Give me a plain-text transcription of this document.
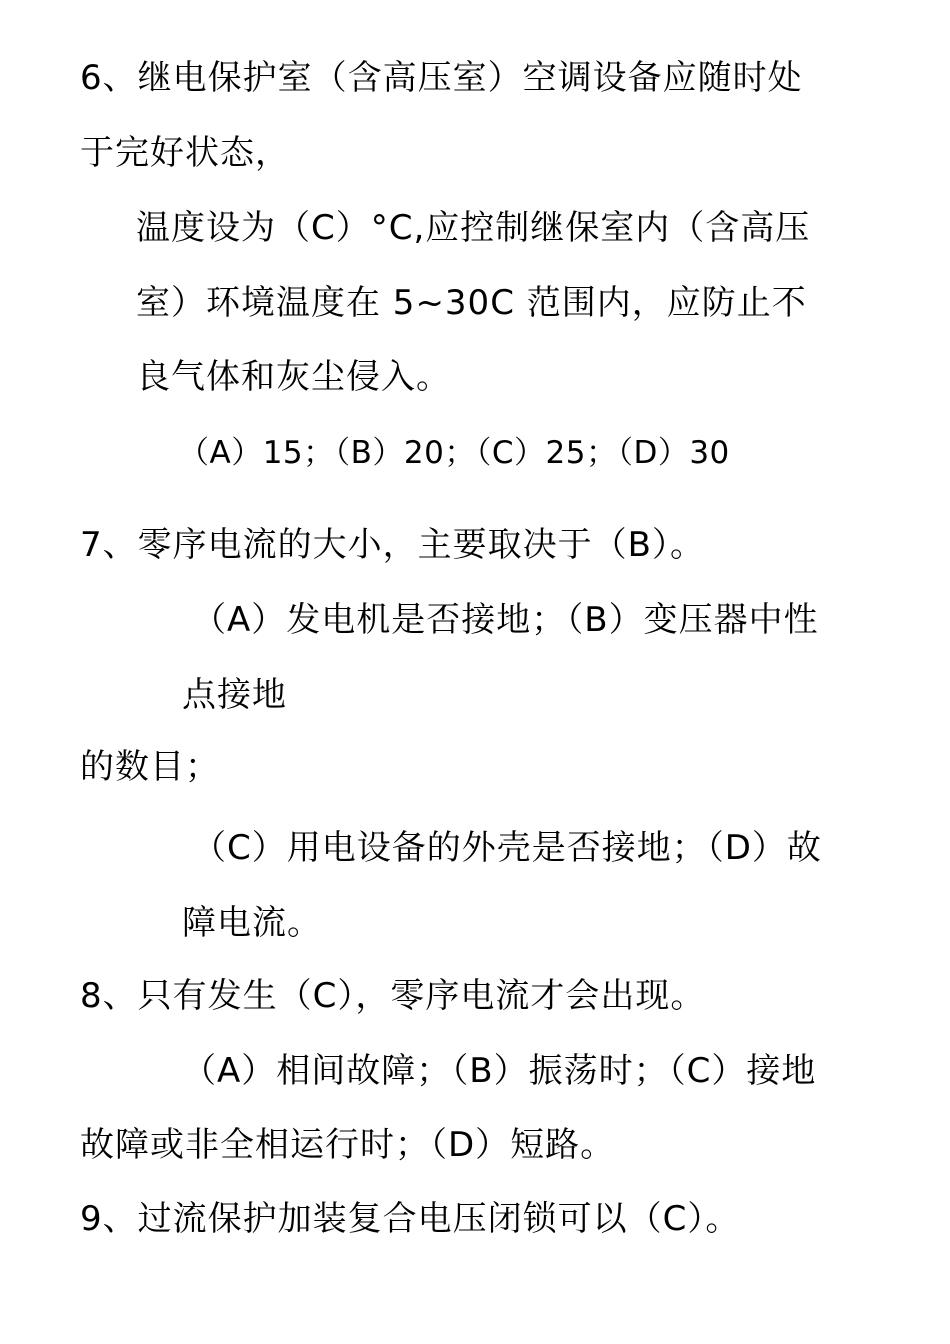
6、继电保护室（含高压室）空调设备应随时处
于完好状态，
温度设为（C）°C,应控制继保室内（含高压
室）环境温度在 5~30C 范围内，应防止不
良气体和灰尘侵入。
（A）15；（B）20；（C）25；（D）30
7、零序电流的大小，主要取决于（B）。
（A）发电机是否接地；（B）变压器中性
点接地
的数目；
（C）用电设备的外壳是否接地；（D）故
障电流。
8、只有发生（C），零序电流才会出现。
（A）相间故障；（B）振荡时；（C）接地
故障或非全相运行时；（D）短路。
9、过流保护加装复合电压闭锁可以（C）。
